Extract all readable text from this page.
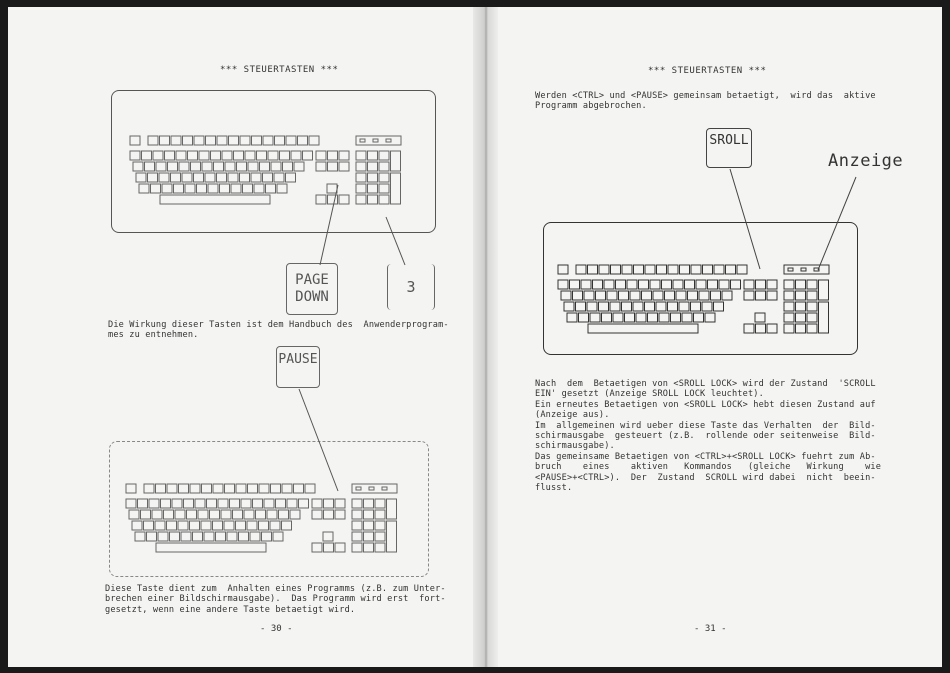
*** STEUERTASTEN ***
PAGE
DOWN
3
Die Wirkung dieser Tasten ist dem Handbuch des  Anwenderprogram-
mes zu entnehmen.
PAUSE
Diese Taste dient zum  Anhalten eines Programms (z.B. zum Unter-
brechen einer Bildschirmausgabe).  Das Programm wird erst  fort-
gesetzt, wenn eine andere Taste betaetigt wird.
- 30 -
*** STEUERTASTEN ***
Werden <CTRL> und <PAUSE> gemeinsam betaetigt,  wird das  aktive
Programm abgebrochen.
SROLL
Anzeige
Nach  dem  Betaetigen von <SROLL LOCK> wird der Zustand  'SCROLL
EIN' gesetzt (Anzeige SROLL LOCK leuchtet).
Ein erneutes Betaetigen von <SROLL LOCK> hebt diesen Zustand auf
(Anzeige aus).
Im  allgemeinen wird ueber diese Taste das Verhalten  der  Bild-
schirmausgabe  gesteuert (z.B.  rollende oder seitenweise  Bild-
schirmausgabe).
Das gemeinsame Betaetigen von <CTRL>+<SROLL LOCK> fuehrt zum Ab-
bruch    eines    aktiven   Kommandos   (gleiche   Wirkung    wie
<PAUSE>+<CTRL>).  Der  Zustand  SCROLL wird dabei  nicht  beein-
flusst.
- 31 -
